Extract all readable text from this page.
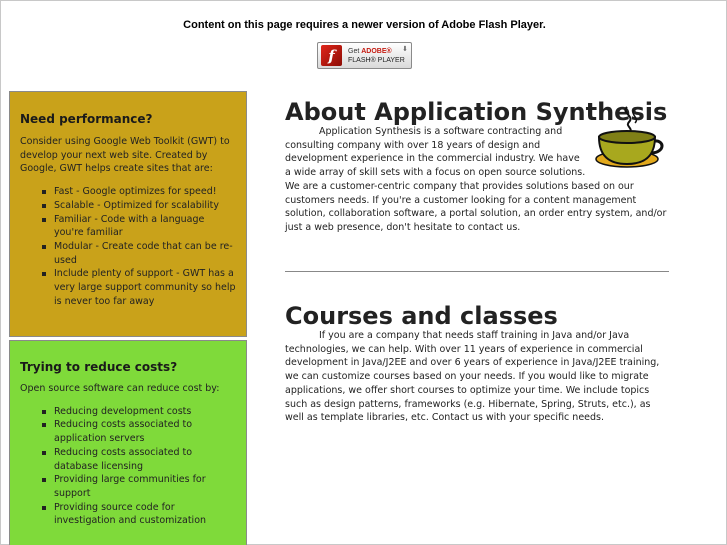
Content on this page requires a newer version of Adobe Flash Player.
f	Get ADOBE®
FLASH® PLAYER
⬇
Need performance?

Consider using Google Web Toolkit (GWT) to develop your next web site. Created by Google, GWT helps create sites that are:

Fast - Google optimizes for speed!
Scalable - Optimized for scalability
Familiar - Code with a language you're familiar
Modular - Create code that can be re-used
Include plenty of support - GWT has a very large support community so help is never too far away
Trying to reduce costs?

Open source software can reduce cost by:

Reducing development costs
Reducing costs associated to application servers
Reducing costs associated to database licensing
Providing large communities for support
Providing source code for investigation and customization
About Application Synthesis

Application Synthesis is a software contracting and consulting company with over 18 years of design and development experience in the commercial industry. We have a wide array of skill sets with a focus on open source solutions. We are a customer-centric company that provides solutions based on our customers needs. If you're a customer looking for a content management solution, collaboration software, a portal solution, an order entry system, and/or just a web presence, don't hesitate to contact us.

Courses and classes

If you are a company that needs staff training in Java and/or Java technologies, we can help. With over 11 years of experience in commercial development in Java/J2EE and over 6 years of experience in Java/J2EE training, we can customize courses based on your needs. If you would like to migrate applications, we offer short courses to optimize your time. We include topics such as design patterns, frameworks (e.g. Hibernate, Spring, Struts, etc.), as well as template libraries, etc. Contact us with your specific needs.
